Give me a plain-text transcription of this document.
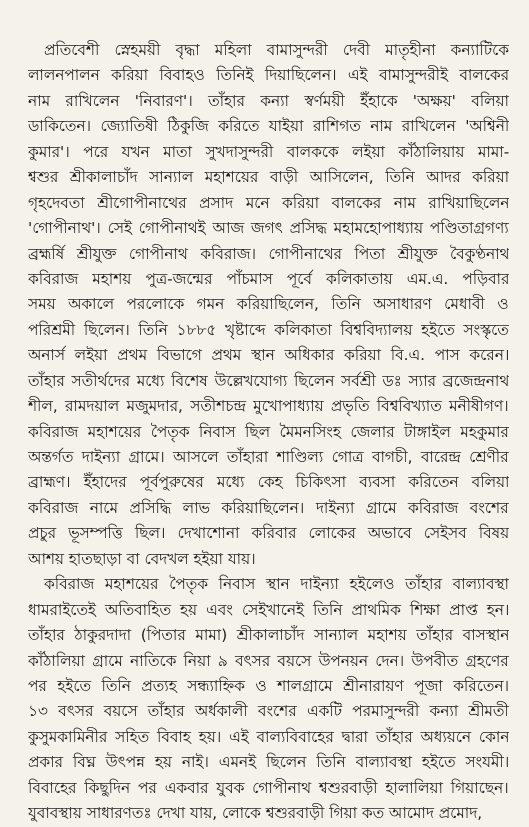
প্রতিবেশী স্নেহময়ী বৃদ্ধা মহিলা বামাসুন্দরী দেবী মাতৃহীনা কন্যাটিকে
লালনপালন করিয়া বিবাহও তিনিই দিয়াছিলেন। এই বামাসুন্দরীই বালকের
নাম রাখিলেন 'নিবারণ'। তাঁহার কন্যা স্বর্ণময়ী ইঁহাকে 'অক্ষয়' বলিয়া
ডাকিতেন। জ্যোতিষী ঠিকুজি করিতে যাইয়া রাশিগত নাম রাখিলেন 'অশ্বিনী
কুমার'। পরে যখন মাতা সুখদাসুন্দরী বালককে লইয়া কাঁঠালিয়ায় মামা-
শ্বশুর শ্রীকালাচাঁদ সান্যাল মহাশয়ের বাড়ী আসিলেন, তিনি আদর করিয়া
গৃহদেবতা শ্রীগোপীনাথের প্রসাদ মনে করিয়া বালকের নাম রাখিয়াছিলেন
'গোপীনাথ'। সেই গোপীনাথই আজ জগৎ প্রসিদ্ধ মহামহোপাধ্যায় পণ্ডিতাগ্রগণ্য
ব্রহ্মর্ষি শ্রীযুক্ত গোপীনাথ কবিরাজ। গোপীনাথের পিতা শ্রীযুক্ত বৈকুণ্ঠনাথ
কবিরাজ মহাশয় পুত্র-জন্মের পাঁচমাস পূর্বে কলিকাতায় এম.এ. পড়িবার
সময় অকালে পরলোকে গমন করিয়াছিলেন, তিনি অসাধারণ মেধাবী ও
পরিশ্রমী ছিলেন। তিনি ১৮৮৫ খৃষ্টাব্দে কলিকাতা বিশ্ববিদ্যালয় হইতে সংস্কৃতে
অনার্স লইয়া প্রথম বিভাগে প্রথম স্থান অধিকার করিয়া বি.এ. পাস করেন।
তাঁহার সতীর্থদের মধ্যে বিশেষ উল্লেখযোগ্য ছিলেন সর্বশ্রী ডঃ স্যার ব্রজেন্দ্রনাথ
শীল, রামদয়াল মজুমদার, সতীশচন্দ্র মুখোপাধ্যায় প্রভৃতি বিশ্ববিখ্যাত মনীষীগণ।
কবিরাজ মহাশয়ের পৈতৃক নিবাস ছিল মৈমনসিংহ জেলার টাঙ্গাইল মহকুমার
অন্তর্গত দাইন্যা গ্রামে। আসলে তাঁহারা শাণ্ডিল্য গোত্র বাগচী, বারেন্দ্র শ্রেণীর
ব্রাহ্মণ। ইঁহাদের পূর্বপুরুষের মধ্যে কেহ চিকিৎসা ব্যবসা করিতেন বলিয়া
কবিরাজ নামে প্রসিদ্ধি লাভ করিয়াছিলেন। দাইন্যা গ্রামে কবিরাজ বংশের
প্রচুর ভূসম্পত্তি ছিল। দেখাশোনা করিবার লোকের অভাবে সেইসব বিষয়
আশয় হাতছাড়া বা বেদখল হইয়া যায়।
কবিরাজ মহাশয়ের পৈতৃক নিবাস স্থান দাইন্যা হইলেও তাঁহার বাল্যাবস্থা
ধামরাইতেই অতিবাহিত হয় এবং সেইখানেই তিনি প্রাথমিক শিক্ষা প্রাপ্ত হন।
তাঁহার ঠাকুরদাদা (পিতার মামা) শ্রীকালাচাঁদ সান্যাল মহাশয় তাঁহার বাসস্থান
কাঁঠালিয়া গ্রামে নাতিকে নিয়া ৯ বৎসর বয়সে উপনয়ন দেন। উপবীত গ্রহণের
পর হইতে তিনি প্রত্যহ সন্ধ্যাহ্নিক ও শালগ্রামে শ্রীনারায়ণ পূজা করিতেন।
১৩ বৎসর বয়সে তাঁহার অর্ধকালী বংশের একটি পরমাসুন্দরী কন্যা শ্রীমতী
কুসুমকামিনীর সহিত বিবাহ হয়। এই বাল্যবিবাহের দ্বারা তাঁহার অধ্যয়নে কোন
প্রকার বিঘ্ন উৎপন্ন হয় নাই। এমনই ছিলেন তিনি বাল্যাবস্থা হইতে সংযমী।
বিবাহের কিছুদিন পর একবার যুবক গোপীনাথ শ্বশুরবাড়ী হালালিয়া গিয়াছেন।
যুবাবস্থায় সাধারণতঃ দেখা যায়, লোকে শ্বশুরবাড়ী গিয়া কত আমোদ প্রমোদ,
